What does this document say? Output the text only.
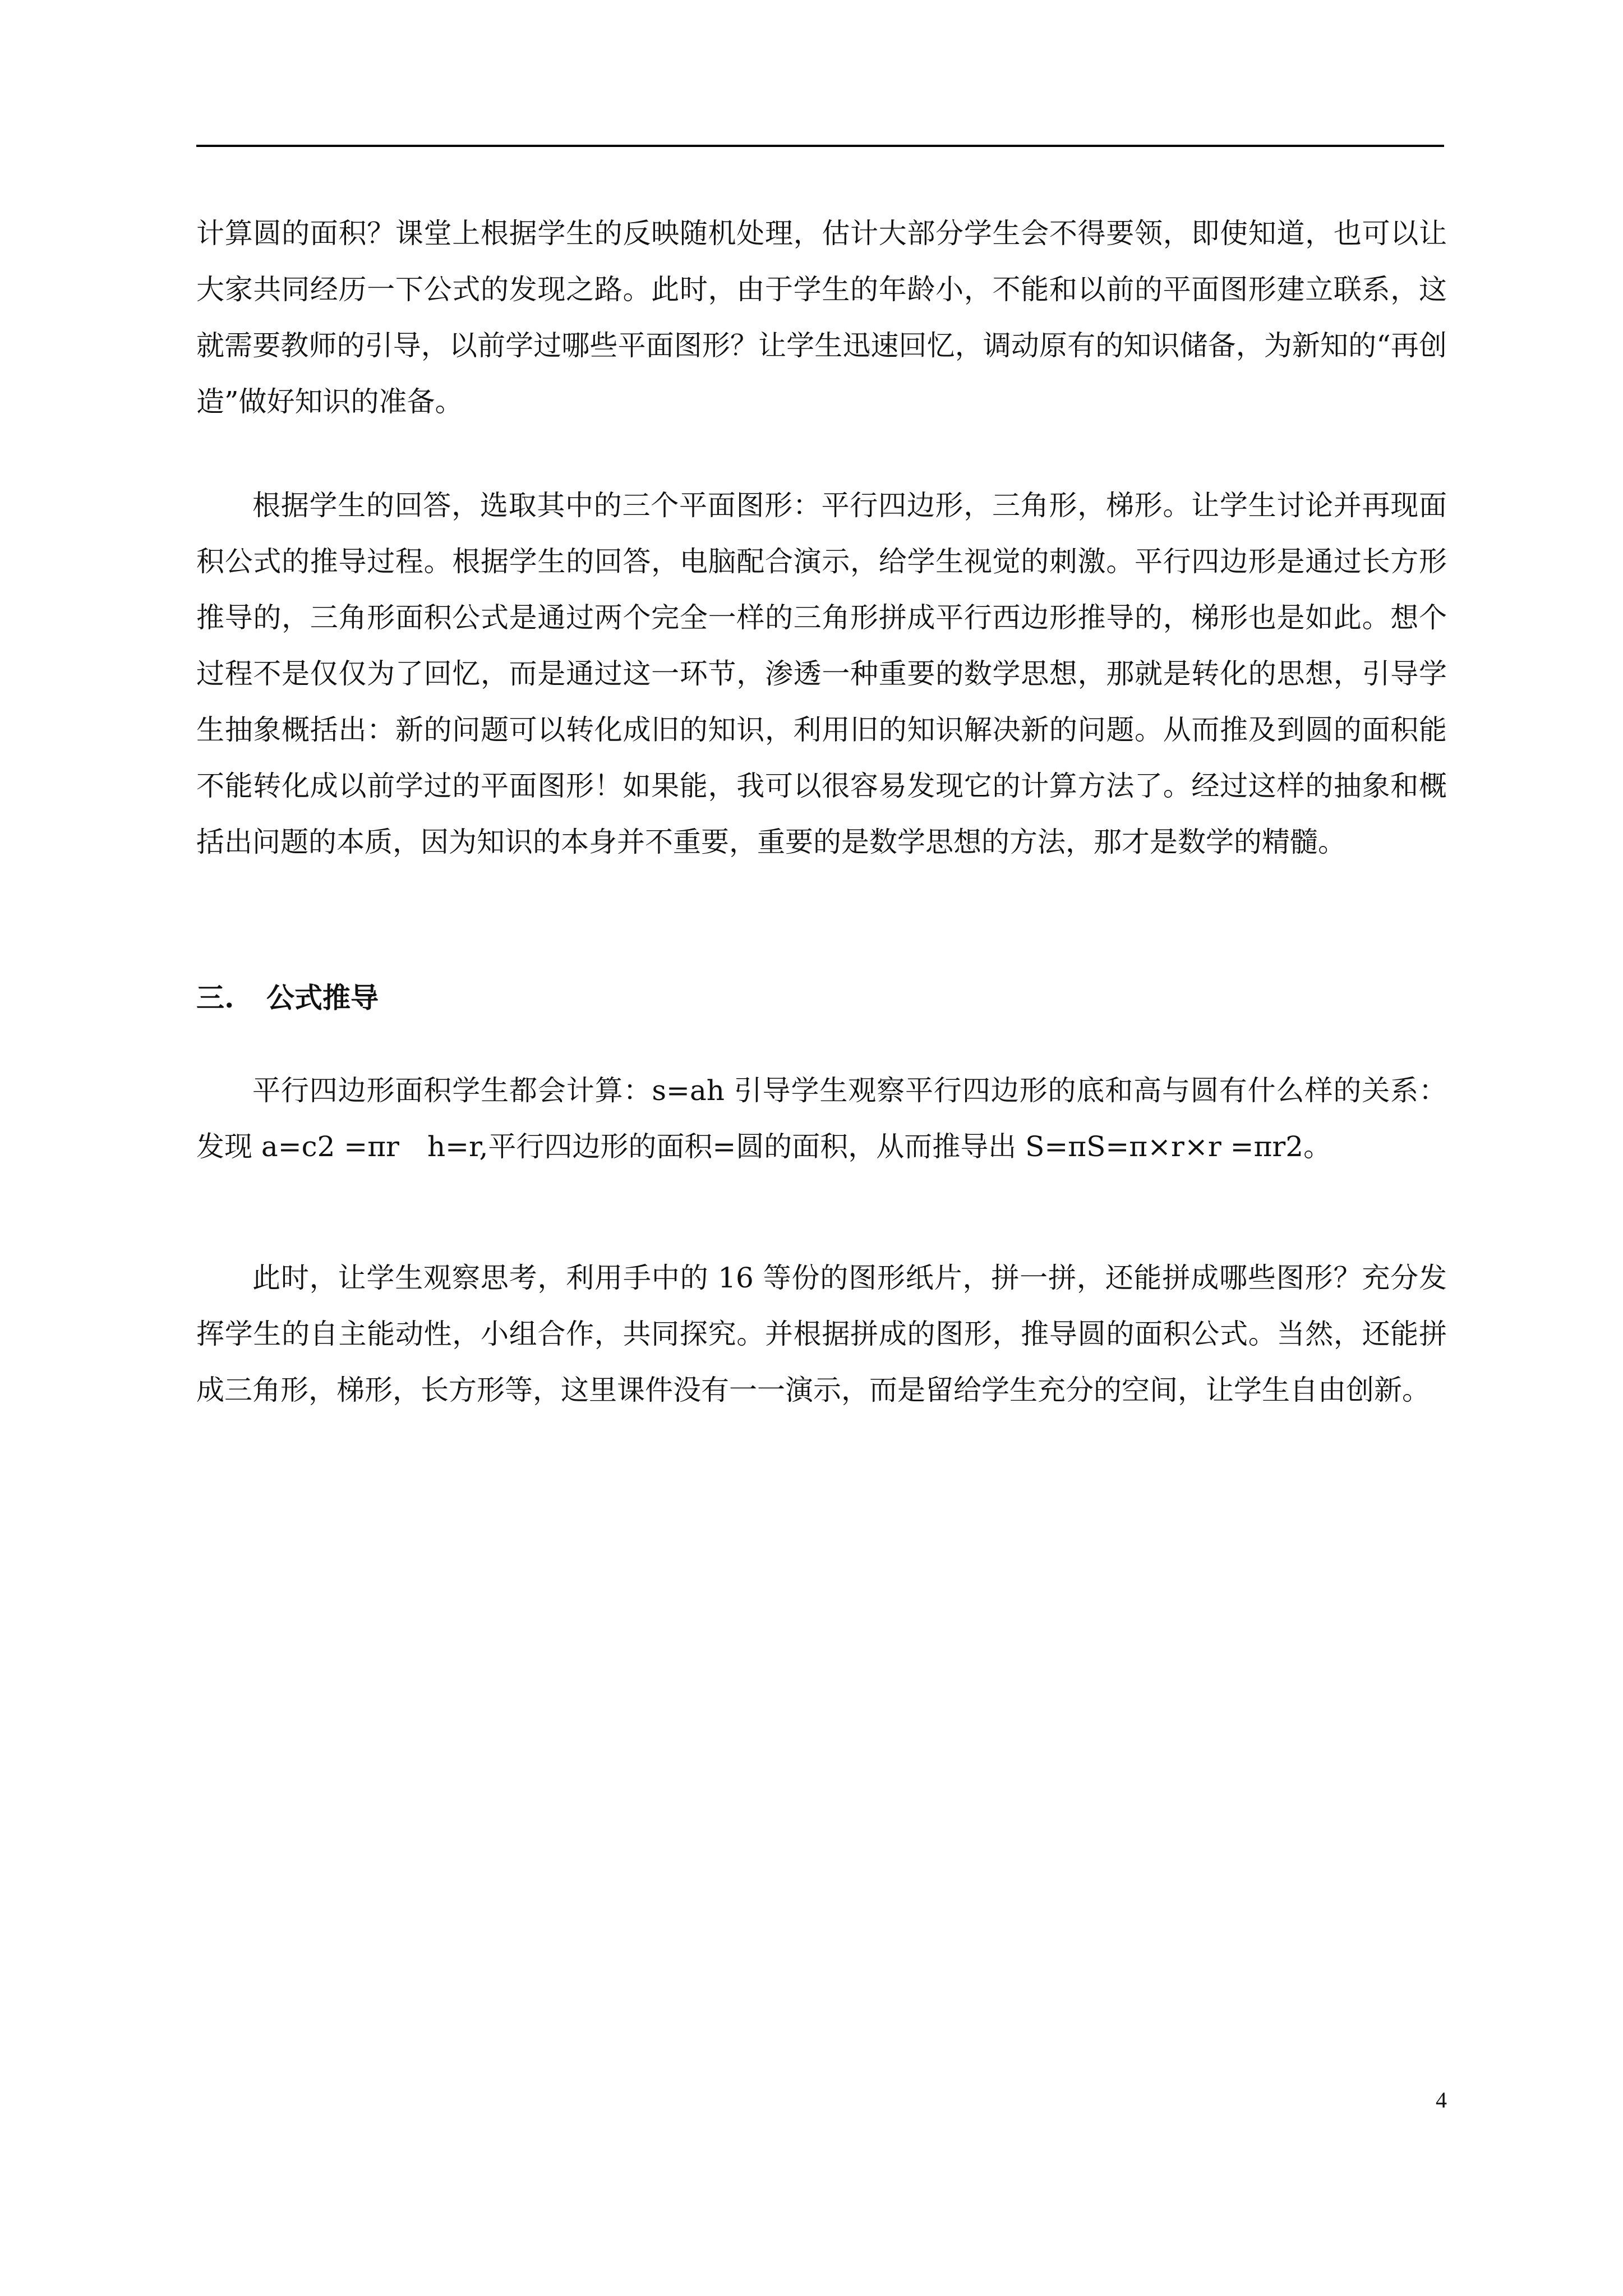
计算圆的面积？课堂上根据学生的反映随机处理，估计大部分学生会不得要领，即使知道，也可以让大家共同经历一下公式的发现之路。此时，由于学生的年龄小，不能和以前的平面图形建立联系，这就需要教师的引导，以前学过哪些平面图形？让学生迅速回忆，调动原有的知识储备，为新知的“再创造”做好知识的准备。

根据学生的回答，选取其中的三个平面图形：平行四边形，三角形，梯形。让学生讨论并再现面积公式的推导过程。根据学生的回答，电脑配合演示，给学生视觉的刺激。平行四边形是通过长方形推导的，三角形面积公式是通过两个完全一样的三角形拼成平行西边形推导的，梯形也是如此。想个过程不是仅仅为了回忆，而是通过这一环节，渗透一种重要的数学思想，那就是转化的思想，引导学生抽象概括出：新的问题可以转化成旧的知识，利用旧的知识解决新的问题。从而推及到圆的面积能不能转化成以前学过的平面图形！如果能，我可以很容易发现它的计算方法了。经过这样的抽象和概括出问题的本质，因为知识的本身并不重要，重要的是数学思想的方法，那才是数学的精髓。

三. 公式推导

平行四边形面积学生都会计算：s=ah 引导学生观察平行四边形的底和高与圆有什么样的关系：发现 a=c2 =πr　h=r,平行四边形的面积=圆的面积，从而推导出 S=πS=π×r×r =πr2。

此时，让学生观察思考，利用手中的 16 等份的图形纸片，拼一拼，还能拼成哪些图形？充分发挥学生的自主能动性，小组合作，共同探究。并根据拼成的图形，推导圆的面积公式。当然，还能拼成三角形，梯形，长方形等，这里课件没有一一演示，而是留给学生充分的空间，让学生自由创新。

4
